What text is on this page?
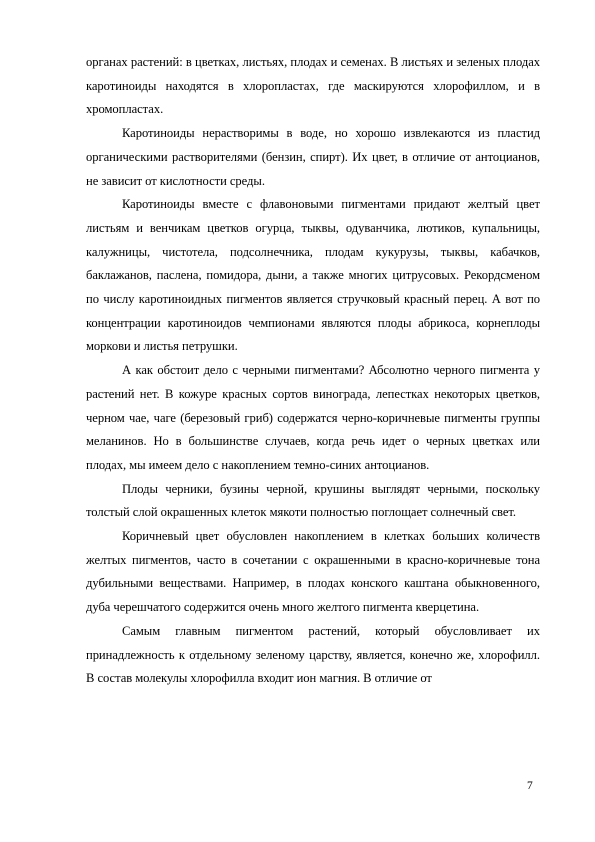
органах растений: в цветках, листьях, плодах и семенах. В листьях и зеленых плодах каротиноиды находятся в хлоропластах, где маскируются хлорофиллом, и в хромопластах.

Каротиноиды нерастворимы в воде, но хорошо извлекаются из пластид органическими растворителями (бензин, спирт). Их цвет, в отличие от антоцианов, не зависит от кислотности среды.

Каротиноиды вместе с флавоновыми пигментами придают желтый цвет листьям и венчикам цветков огурца, тыквы, одуванчика, лютиков, купальницы, калужницы, чистотела, подсолнечника, плодам кукурузы, тыквы, кабачков, баклажанов, паслена, помидора, дыни, а также многих цитрусовых. Рекордсменом по числу каротиноидных пигментов является стручковый красный перец. А вот по концентрации каротиноидов чемпионами являются плоды абрикоса, корнеплоды моркови и листья петрушки.

А как обстоит дело с черными пигментами? Абсолютно черного пигмента у растений нет. В кожуре красных сортов винограда, лепестках некоторых цветков, черном чае, чаге (березовый гриб) содержатся черно-коричневые пигменты группы меланинов. Но в большинстве случаев, когда речь идет о черных цветках или плодах, мы имеем дело с накоплением темно-синих антоцианов.

Плоды черники, бузины черной, крушины выглядят черными, поскольку толстый слой окрашенных клеток мякоти полностью поглощает солнечный свет.

Коричневый цвет обусловлен накоплением в клетках больших количеств желтых пигментов, часто в сочетании с окрашенными в красно-коричневые тона дубильными веществами. Например, в плодах конского каштана обыкновенного, дуба черешчатого содержится очень много желтого пигмента кверцетина.

Самым главным пигментом растений, который обусловливает их принадлежность к отдельному зеленому царству, является, конечно же, хлорофилл. В состав молекулы хлорофилла входит ион магния. В отличие от

7
